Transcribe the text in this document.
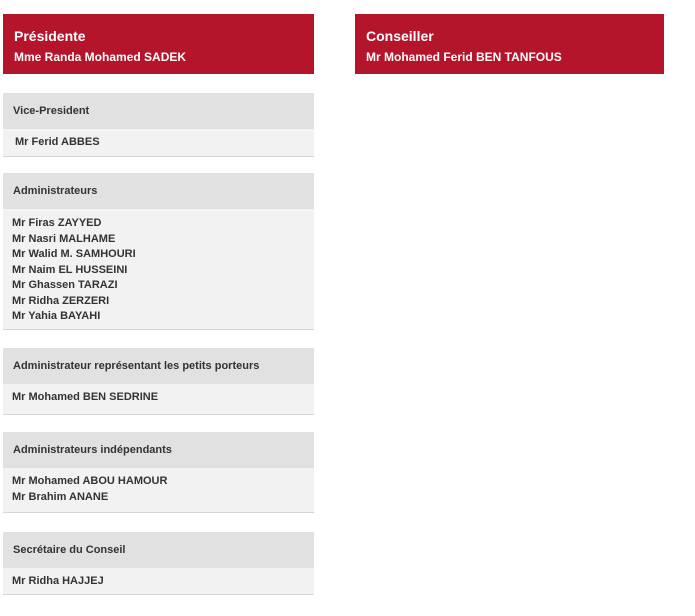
Présidente
Mme Randa Mohamed SADEK
Conseiller
Mr Mohamed Ferid BEN TANFOUS
Vice-President
Mr Ferid ABBES
Administrateurs
Mr Firas ZAYYED
Mr Nasri MALHAME
Mr Walid M. SAMHOURI
Mr Naim EL HUSSEINI
Mr Ghassen TARAZI
Mr Ridha ZERZERI
Mr Yahia BAYAHI
Administrateur représentant les petits porteurs
Mr Mohamed BEN SEDRINE
Administrateurs indépendants
Mr Mohamed ABOU HAMOUR
Mr Brahim ANANE
Secrétaire du Conseil
Mr Ridha HAJJEJ
